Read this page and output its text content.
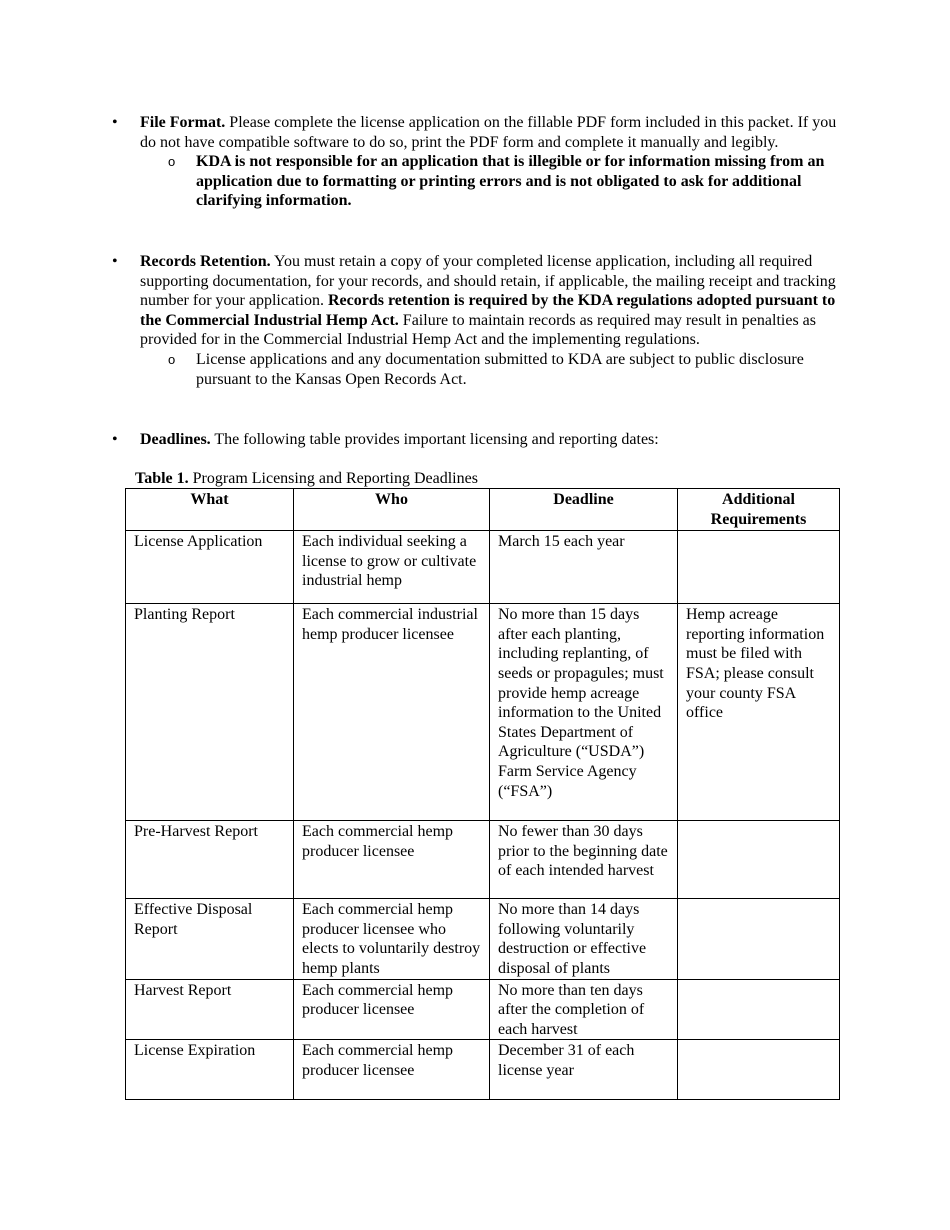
•	File Format. Please complete the license application on the fillable PDF form included in this packet. If you do not have compatible software to do so, print the PDF form and complete it manually and legibly.
o KDA is not responsible for an application that is illegible or for information missing from an application due to formatting or printing errors and is not obligated to ask for additional clarifying information.
•	Records Retention. You must retain a copy of your completed license application, including all required supporting documentation, for your records, and should retain, if applicable, the mailing receipt and tracking number for your application. Records retention is required by the KDA regulations adopted pursuant to the Commercial Industrial Hemp Act. Failure to maintain records as required may result in penalties as provided for in the Commercial Industrial Hemp Act and the implementing regulations.
o License applications and any documentation submitted to KDA are subject to public disclosure pursuant to the Kansas Open Records Act.
•	Deadlines. The following table provides important licensing and reporting dates:
Table 1. Program Licensing and Reporting Deadlines
What	Who	Deadline	Additional Requirements
License Application	Each individual seeking a license to grow or cultivate industrial hemp	March 15 each year	
Planting Report	Each commercial industrial hemp producer licensee	No more than 15 days after each planting, including replanting, of seeds or propagules; must provide hemp acreage information to the United States Department of Agriculture (“USDA”) Farm Service Agency (“FSA”)	Hemp acreage reporting information must be filed with FSA; please consult your county FSA office
Pre-Harvest Report	Each commercial hemp producer licensee	No fewer than 30 days prior to the beginning date of each intended harvest	
Effective Disposal Report	Each commercial hemp producer licensee who elects to voluntarily destroy hemp plants	No more than 14 days following voluntarily destruction or effective disposal of plants	
Harvest Report	Each commercial hemp producer licensee	No more than ten days after the completion of each harvest	
License Expiration	Each commercial hemp producer licensee	December 31 of each license year	
